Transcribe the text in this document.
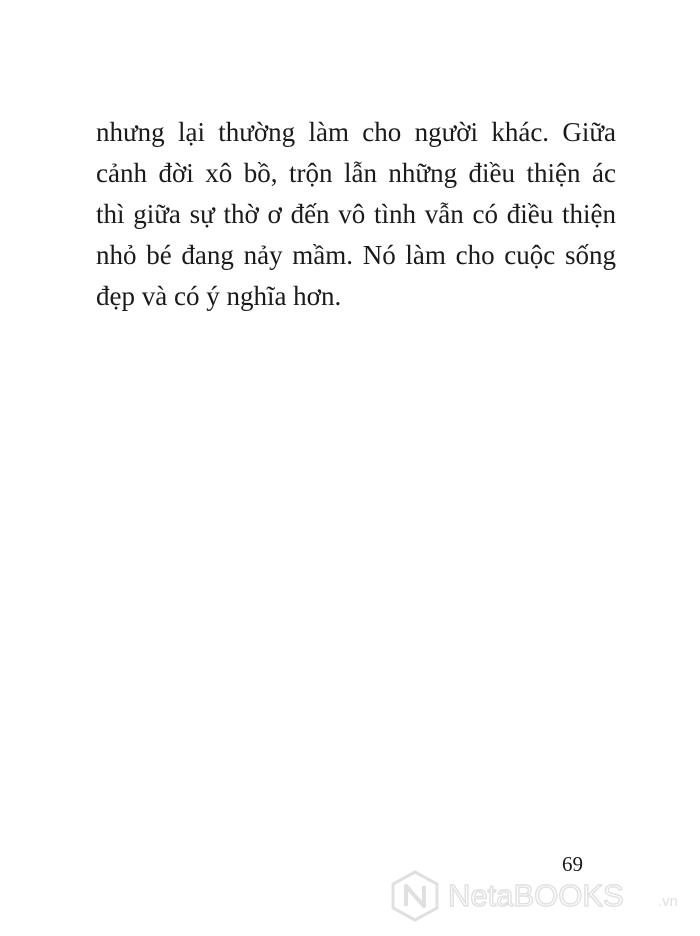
nhưng lại thường làm cho người khác. Giữa
cảnh đời xô bồ, trộn lẫn những điều thiện ác
thì giữa sự thờ ơ đến vô tình vẫn có điều thiện
nhỏ bé đang nảy mầm. Nó làm cho cuộc sống
đẹp và có ý nghĩa hơn.
69
NetaBOOKS .vn
